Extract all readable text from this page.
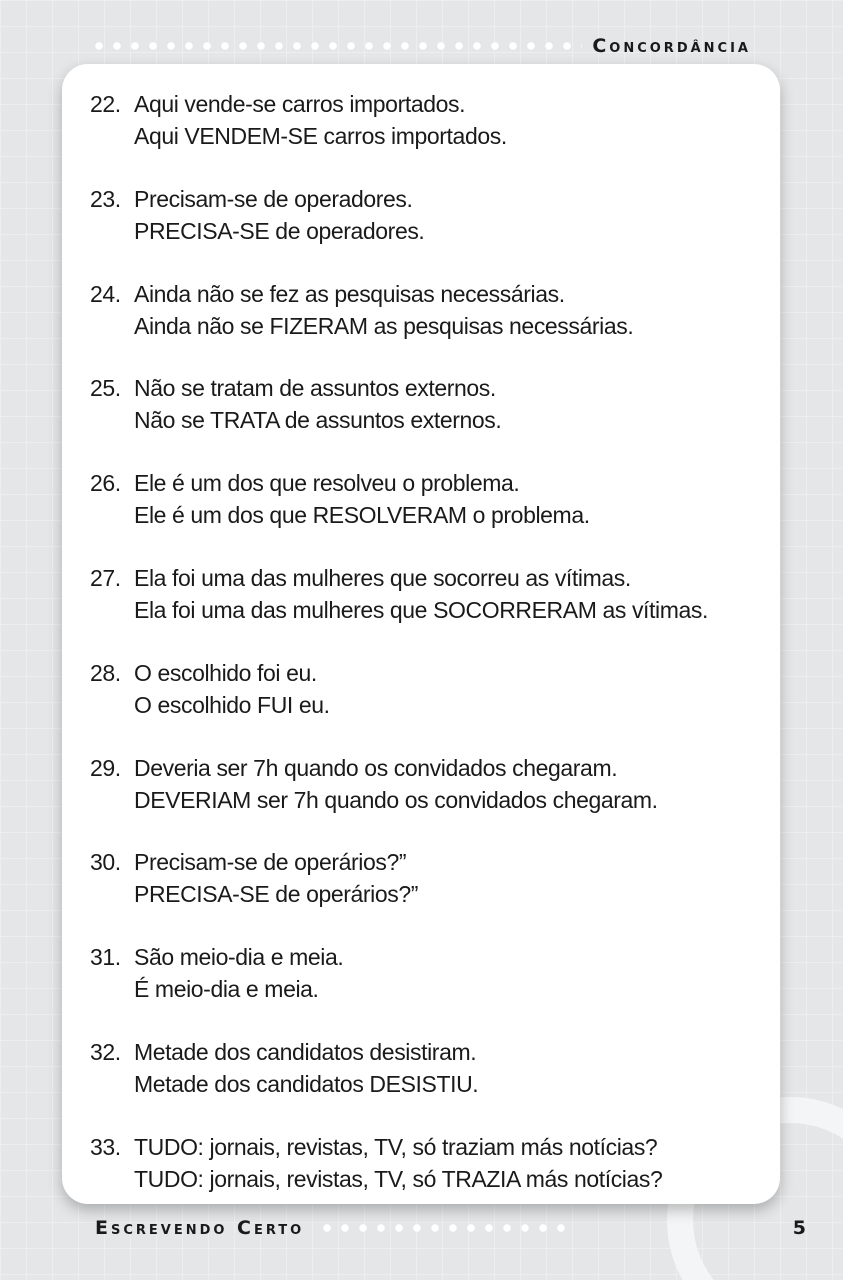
Concordância
22. Aqui vende-se carros importados.
Aqui VENDEM-SE carros importados.
23. Precisam-se de operadores.
PRECISA-SE de operadores.
24. Ainda não se fez as pesquisas necessárias.
Ainda não se FIZERAM as pesquisas necessárias.
25. Não se tratam de assuntos externos.
Não se TRATA de assuntos externos.
26. Ele é um dos que resolveu o problema.
Ele é um dos que RESOLVERAM o problema.
27. Ela foi uma das mulheres que socorreu as vítimas.
Ela foi uma das mulheres que SOCORRERAM as vítimas.
28. O escolhido foi eu.
O escolhido FUI eu.
29. Deveria ser 7h quando os convidados chegaram.
DEVERIAM ser 7h quando os convidados chegaram.
30. Precisam-se de operários?”
PRECISA-SE de operários?”
31. São meio-dia e meia.
É meio-dia e meia.
32. Metade dos candidatos desistiram.
Metade dos candidatos DESISTIU.
33. TUDO: jornais, revistas, TV, só traziam más notícias?
TUDO: jornais, revistas, TV, só TRAZIA más notícias?
Escrevendo Certo	5
